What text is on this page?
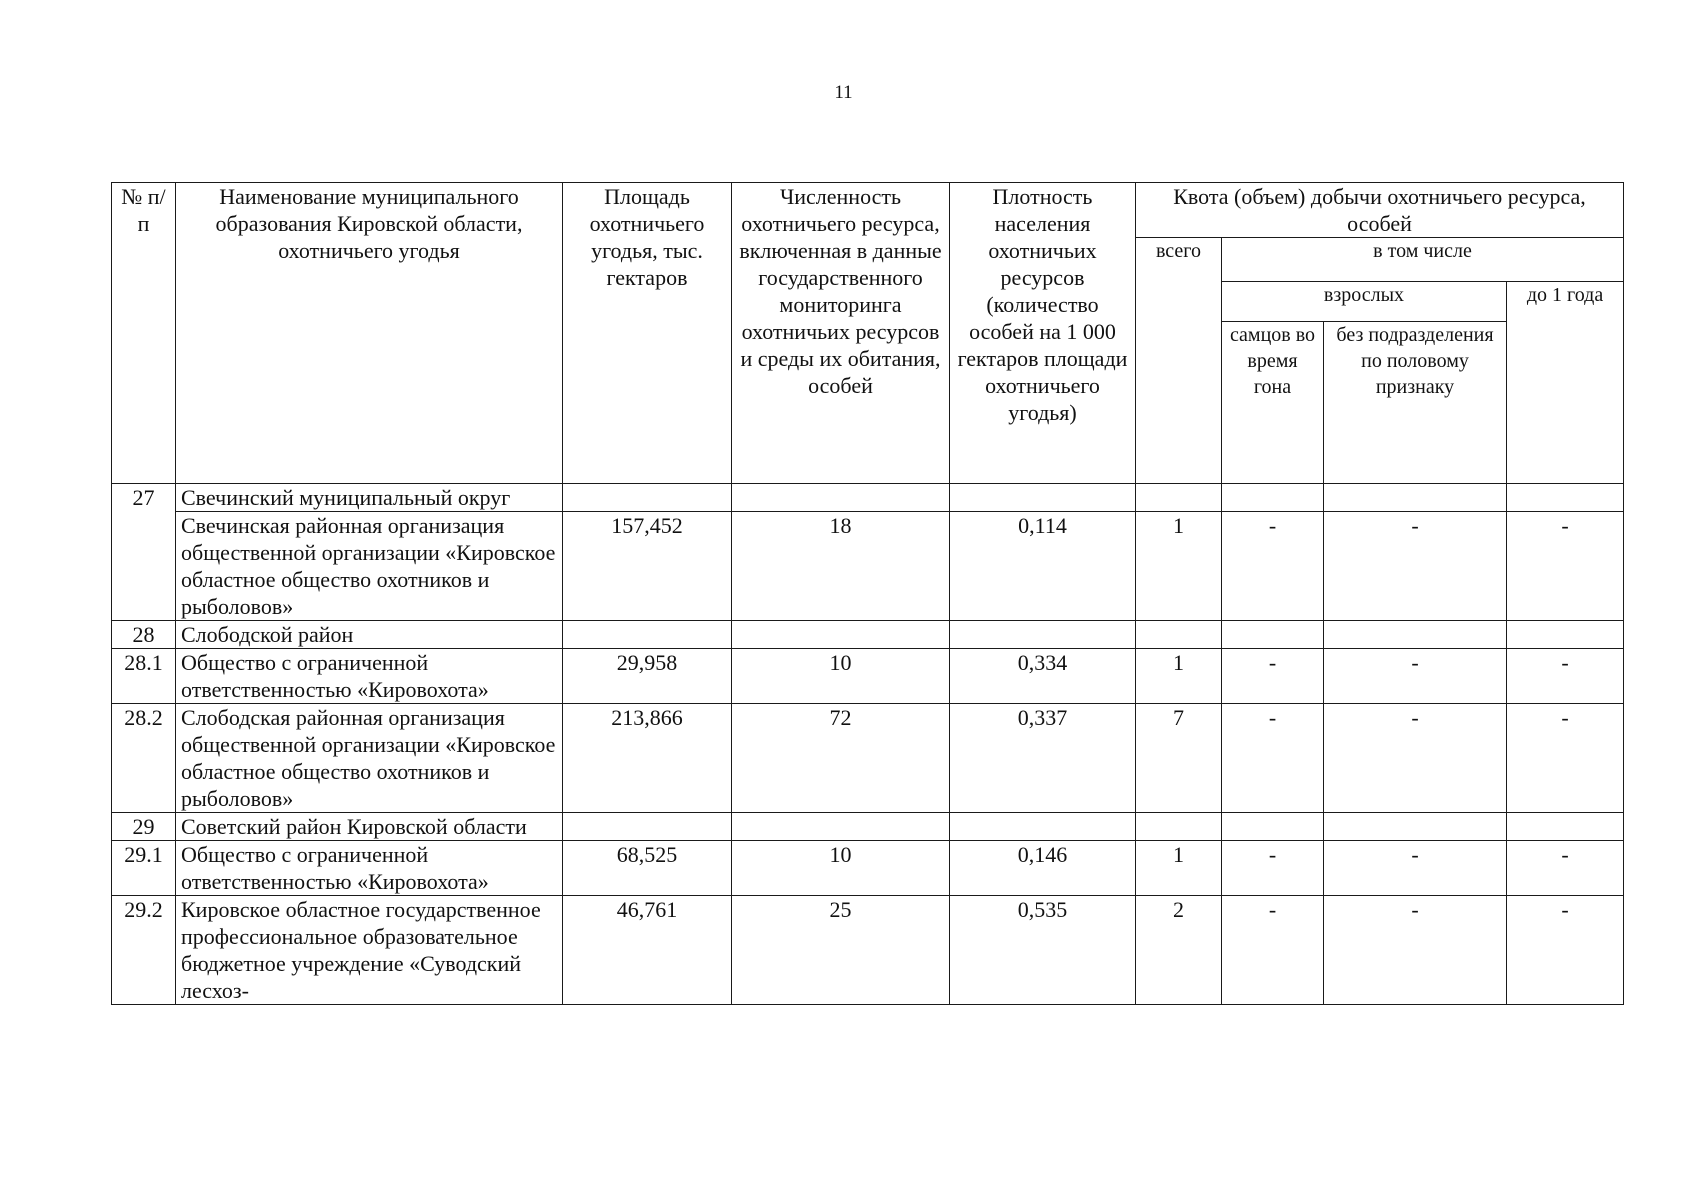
11
№ п/п	Наименование муниципального образования Кировской области, охотничьего угодья	Площадь охотничьего угодья, тыс. гектаров	Численность охотничьего ресурса, включенная в данные государственного мониторинга охотничьих ресурсов и среды их обитания, особей	Плотность населения охотничьих ресурсов (количество особей на 1 000 гектаров площади охотничьего угодья)	Квота (объем) добычи охотничьего ресурса, особей			
					всего	в том числе		
						взрослых		до 1 года
						самцов во время гона	без подразделения по половому признаку	
27	Свечинский муниципальный округ							
	Свечинская районная организация общественной организации «Кировское областное общество охотников и рыболовов»	157,452	18	0,114	1	-	-	-
28	Слободской район							
28.1	Общество с ограниченной ответственностью «Кировохота»	29,958	10	0,334	1	-	-	-
28.2	Слободская районная организация общественной организации «Кировское областное общество охотников и рыболовов»	213,866	72	0,337	7	-	-	-
29	Советский район Кировской области							
29.1	Общество с ограниченной ответственностью «Кировохота»	68,525	10	0,146	1	-	-	-
29.2	Кировское областное государственное профессиональное образовательное бюджетное учреждение «Суводский лесхоз-	46,761	25	0,535	2	-	-	-
